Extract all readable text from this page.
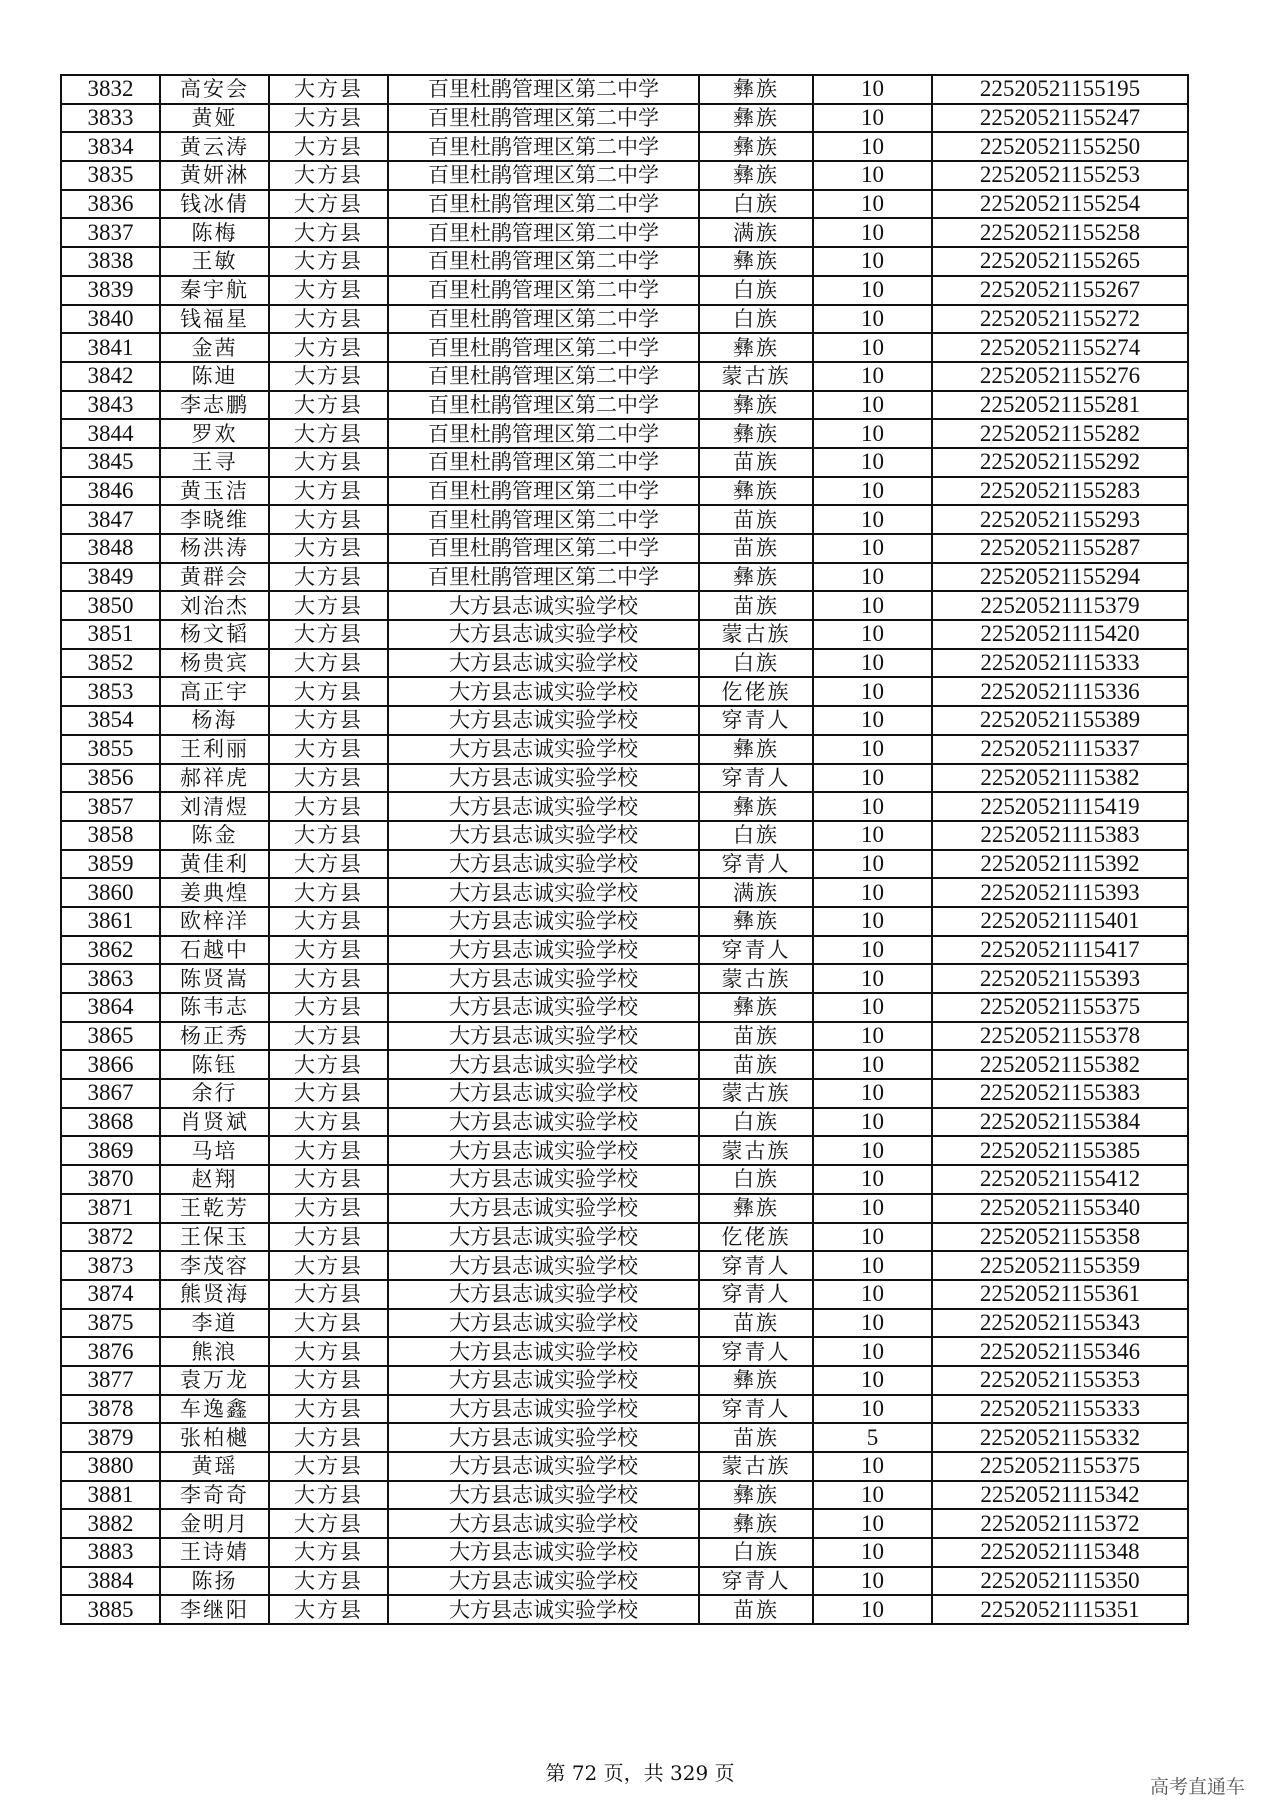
3832	高安会	大方县	百里杜鹃管理区第二中学	彝族	10	22520521155195
3833	黄娅	大方县	百里杜鹃管理区第二中学	彝族	10	22520521155247
3834	黄云涛	大方县	百里杜鹃管理区第二中学	彝族	10	22520521155250
3835	黄妍淋	大方县	百里杜鹃管理区第二中学	彝族	10	22520521155253
3836	钱冰倩	大方县	百里杜鹃管理区第二中学	白族	10	22520521155254
3837	陈梅	大方县	百里杜鹃管理区第二中学	满族	10	22520521155258
3838	王敏	大方县	百里杜鹃管理区第二中学	彝族	10	22520521155265
3839	秦宇航	大方县	百里杜鹃管理区第二中学	白族	10	22520521155267
3840	钱福星	大方县	百里杜鹃管理区第二中学	白族	10	22520521155272
3841	金茜	大方县	百里杜鹃管理区第二中学	彝族	10	22520521155274
3842	陈迪	大方县	百里杜鹃管理区第二中学	蒙古族	10	22520521155276
3843	李志鹏	大方县	百里杜鹃管理区第二中学	彝族	10	22520521155281
3844	罗欢	大方县	百里杜鹃管理区第二中学	彝族	10	22520521155282
3845	王寻	大方县	百里杜鹃管理区第二中学	苗族	10	22520521155292
3846	黄玉洁	大方县	百里杜鹃管理区第二中学	彝族	10	22520521155283
3847	李晓维	大方县	百里杜鹃管理区第二中学	苗族	10	22520521155293
3848	杨洪涛	大方县	百里杜鹃管理区第二中学	苗族	10	22520521155287
3849	黄群会	大方县	百里杜鹃管理区第二中学	彝族	10	22520521155294
3850	刘治杰	大方县	大方县志诚实验学校	苗族	10	22520521115379
3851	杨文韬	大方县	大方县志诚实验学校	蒙古族	10	22520521115420
3852	杨贵宾	大方县	大方县志诚实验学校	白族	10	22520521115333
3853	高正宇	大方县	大方县志诚实验学校	仡佬族	10	22520521115336
3854	杨海	大方县	大方县志诚实验学校	穿青人	10	22520521155389
3855	王利丽	大方县	大方县志诚实验学校	彝族	10	22520521115337
3856	郝祥虎	大方县	大方县志诚实验学校	穿青人	10	22520521115382
3857	刘清煜	大方县	大方县志诚实验学校	彝族	10	22520521115419
3858	陈金	大方县	大方县志诚实验学校	白族	10	22520521115383
3859	黄佳利	大方县	大方县志诚实验学校	穿青人	10	22520521115392
3860	姜典煌	大方县	大方县志诚实验学校	满族	10	22520521115393
3861	欧梓洋	大方县	大方县志诚实验学校	彝族	10	22520521115401
3862	石越中	大方县	大方县志诚实验学校	穿青人	10	22520521115417
3863	陈贤嵩	大方县	大方县志诚实验学校	蒙古族	10	22520521155393
3864	陈韦志	大方县	大方县志诚实验学校	彝族	10	22520521155375
3865	杨正秀	大方县	大方县志诚实验学校	苗族	10	22520521155378
3866	陈钰	大方县	大方县志诚实验学校	苗族	10	22520521155382
3867	余行	大方县	大方县志诚实验学校	蒙古族	10	22520521155383
3868	肖贤斌	大方县	大方县志诚实验学校	白族	10	22520521155384
3869	马培	大方县	大方县志诚实验学校	蒙古族	10	22520521155385
3870	赵翔	大方县	大方县志诚实验学校	白族	10	22520521155412
3871	王乾芳	大方县	大方县志诚实验学校	彝族	10	22520521155340
3872	王保玉	大方县	大方县志诚实验学校	仡佬族	10	22520521155358
3873	李茂容	大方县	大方县志诚实验学校	穿青人	10	22520521155359
3874	熊贤海	大方县	大方县志诚实验学校	穿青人	10	22520521155361
3875	李道	大方县	大方县志诚实验学校	苗族	10	22520521155343
3876	熊浪	大方县	大方县志诚实验学校	穿青人	10	22520521155346
3877	袁万龙	大方县	大方县志诚实验学校	彝族	10	22520521155353
3878	车逸鑫	大方县	大方县志诚实验学校	穿青人	10	22520521155333
3879	张柏樾	大方县	大方县志诚实验学校	苗族	5	22520521155332
3880	黄瑶	大方县	大方县志诚实验学校	蒙古族	10	22520521155375
3881	李奇奇	大方县	大方县志诚实验学校	彝族	10	22520521115342
3882	金明月	大方县	大方县志诚实验学校	彝族	10	22520521115372
3883	王诗婧	大方县	大方县志诚实验学校	白族	10	22520521115348
3884	陈扬	大方县	大方县志诚实验学校	穿青人	10	22520521115350
3885	李继阳	大方县	大方县志诚实验学校	苗族	10	22520521115351
第 72 页，共 329 页
高考直通车
